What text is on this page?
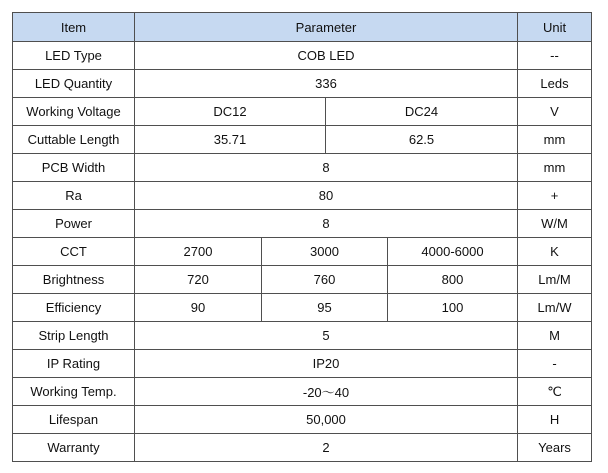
Item	Parameter				Unit
LED Type	COB LED				--
LED Quantity	336				Leds
Working Voltage	DC12		DC24		V
Cuttable Length	35.71		62.5		mm
PCB Width	8				mm
Ra	80				+
Power	8				W/M
CCT	2700	3000		4000-6000	K
Brightness	720	760		800	Lm/M
Efficiency	90	95		100	Lm/W
Strip Length	5				M
IP Rating	IP20				-
Working Temp.	-20～40				℃
Lifespan	50,000				H
Warranty	2				Years
